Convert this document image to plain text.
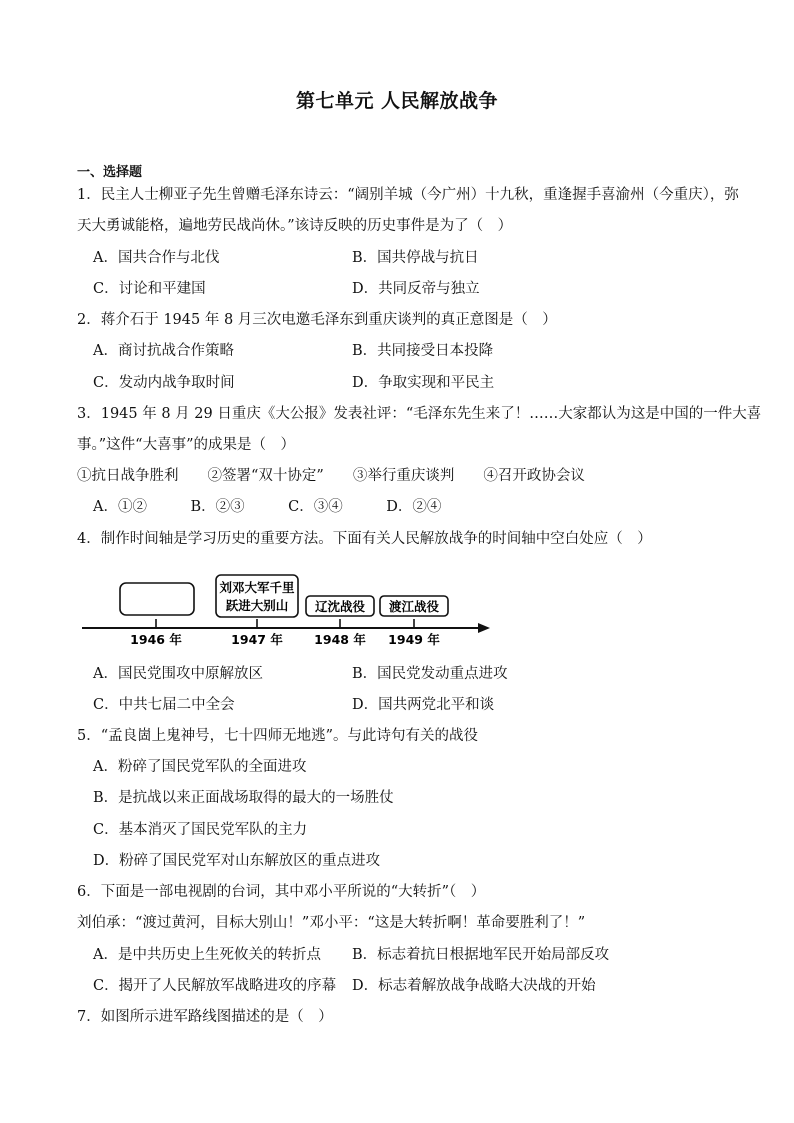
第七单元 人民解放战争
一、选择题
1．民主人士柳亚子先生曾赠毛泽东诗云：“阔别羊城（今广州）十九秋，重逢握手喜渝州（今重庆），弥
天大勇诚能格，遍地劳民战尚休。”该诗反映的历史事件是为了（　）
A．国共合作与北伐	B．国共停战与抗日
C．讨论和平建国	D．共同反帝与独立
2．蒋介石于 1945 年 8 月三次电邀毛泽东到重庆谈判的真正意图是（　）
A．商讨抗战合作策略	B．共同接受日本投降
C．发动内战争取时间	D．争取实现和平民主
3．1945 年 8 月 29 日重庆《大公报》发表社评：“毛泽东先生来了！……大家都认为这是中国的一件大喜
事。”这件“大喜事”的成果是（　）
①抗日战争胜利　　②签署“双十协定”　　③举行重庆谈判　　④召开政协会议
A．①②　　　B．②③　　　C．③④　　　D．②④
4．制作时间轴是学习历史的重要方法。下面有关人民解放战争的时间轴中空白处应（　）
刘邓大军千里
跃进大别山 辽沈战役 渡江战役
1946 年	1947 年	1948 年 1949 年
A．国民党围攻中原解放区	B．国民党发动重点进攻
C．中共七届二中全会	D．国共两党北平和谈
5．“孟良崮上鬼神号，七十四师无地逃”。与此诗句有关的战役
A．粉碎了国民党军队的全面进攻
B．是抗战以来正面战场取得的最大的一场胜仗
C．基本消灭了国民党军队的主力
D．粉碎了国民党军对山东解放区的重点进攻
6．下面是一部电视剧的台词，其中邓小平所说的“大转折”（　）
刘伯承：“渡过黄河，目标大别山！”邓小平：“这是大转折啊！革命要胜利了！”
A．是中共历史上生死攸关的转折点 B．标志着抗日根据地军民开始局部反攻
C．揭开了人民解放军战略进攻的序幕 D．标志着解放战争战略大决战的开始
7．如图所示进军路线图描述的是（　）
